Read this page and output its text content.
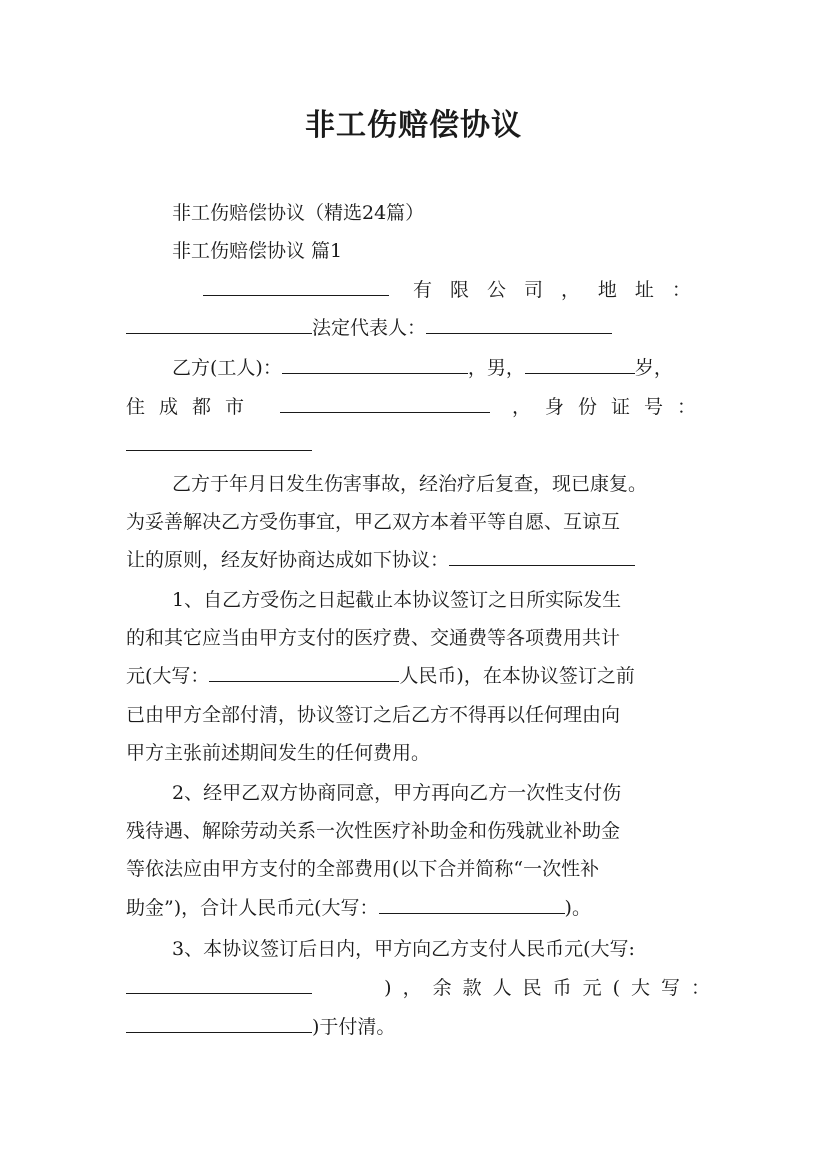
非工伤赔偿协议
非工伤赔偿协议（精选24篇）
非工伤赔偿协议 篇1
有 限 公 司 ， 地 址 ：
法定代表人：
乙方(工人)：	，男，	岁，
住成都市	，身份证号：
乙方于年月日发生伤害事故，经治疗后复查，现已康复。
为妥善解决乙方受伤事宜，甲乙双方本着平等自愿、互谅互
让的原则，经友好协商达成如下协议：
1、自乙方受伤之日起截止本协议签订之日所实际发生
的和其它应当由甲方支付的医疗费、交通费等各项费用共计
元(大写：	人民币)，在本协议签订之前
已由甲方全部付清，协议签订之后乙方不得再以任何理由向
甲方主张前述期间发生的任何费用。
2、经甲乙双方协商同意，甲方再向乙方一次性支付伤
残待遇、解除劳动关系一次性医疗补助金和伤残就业补助金
等依法应由甲方支付的全部费用(以下合并简称“一次性补
助金”)，合计人民币元(大写：	)。
3、本协议签订后日内，甲方向乙方支付人民币元(大写:
)，余款人民币元(大写：
)于付清。
